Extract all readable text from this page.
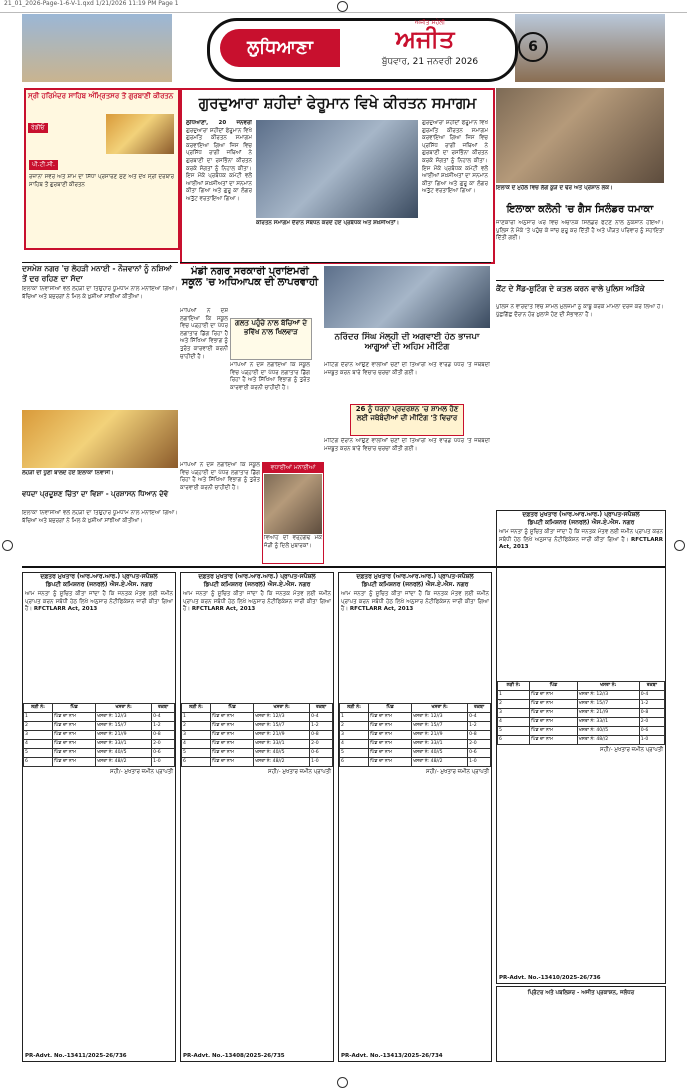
21_01_2026-Page-1-6-V-1.qxd 1/21/2026 11:19 PM Page 1
ਲੁਧਿਆਣਾ
ਅਜੀਤ ਸਹੇਲੀ
ਅਜੀਤ
ਬੁੱਧਵਾਰ, 21 ਜਨਵਰੀ 2026
6
ਸ੍ਰੀ ਹਰਿਮੰਦਰ ਸਾਹਿਬ ਅੰਮ੍ਰਿਤਸਰ ਤੋਂ ਗੁਰਬਾਣੀ ਕੀਰਤਨ
ਰੇਡੀਓ
ਪੀ.ਟੀ.ਸੀ.
ਰੋਜ਼ਾਨਾ ਸਵੇਰੇ ਅਤੇ ਸ਼ਾਮ ਦਾ ਸਿੱਧਾ ਪ੍ਰਸਾਰਣ ਸੁਣੋ ਅਤੇ ਦੇਖੋ ਸ੍ਰੀ ਦਰਬਾਰ ਸਾਹਿਬ ਤੋਂ ਗੁਰਬਾਣੀ ਕੀਰਤਨ
ਗੁਰਦੁਆਰਾ ਸ਼ਹੀਦਾਂ ਫੇਰੂਮਾਨ ਵਿਖੇ ਕੀਰਤਨ ਸਮਾਗਮ
ਲੁਧਿਆਣਾ, 20 ਜਨਵਰੀ ਗੁਰਦੁਆਰਾ ਸ਼ਹੀਦਾਂ ਫੇਰੂਮਾਨ ਵਿਖੇ ਗੁਰਮਤਿ ਕੀਰਤਨ ਸਮਾਗਮ ਕਰਵਾਇਆ ਗਿਆ ਜਿਸ ਵਿਚ ਪ੍ਰਸਿੱਧ ਰਾਗੀ ਜਥਿਆਂ ਨੇ ਗੁਰਬਾਣੀ ਦਾ ਰਸਭਿੰਨਾ ਕੀਰਤਨ ਕਰਕੇ ਸੰਗਤਾਂ ਨੂੰ ਨਿਹਾਲ ਕੀਤਾ। ਇਸ ਮੌਕੇ ਪ੍ਰਬੰਧਕ ਕਮੇਟੀ ਵਲੋਂ ਆਈਆਂ ਸ਼ਖ਼ਸੀਅਤਾਂ ਦਾ ਸਨਮਾਨ ਕੀਤਾ ਗਿਆ ਅਤੇ ਗੁਰੂ ਕਾ ਲੰਗਰ ਅਤੁੱਟ ਵਰਤਾਇਆ ਗਿਆ।
ਕੀਰਤਨ ਸਮਾਗਮ ਦੌਰਾਨ ਸੰਬੋਧਨ ਕਰਦੇ ਹੋਏ ਪ੍ਰਬੰਧਕ ਅਤੇ ਸ਼ਖ਼ਸੀਅਤਾਂ।
ਗੁਰਦੁਆਰਾ ਸ਼ਹੀਦਾਂ ਫੇਰੂਮਾਨ ਵਿਖੇ ਗੁਰਮਤਿ ਕੀਰਤਨ ਸਮਾਗਮ ਕਰਵਾਇਆ ਗਿਆ ਜਿਸ ਵਿਚ ਪ੍ਰਸਿੱਧ ਰਾਗੀ ਜਥਿਆਂ ਨੇ ਗੁਰਬਾਣੀ ਦਾ ਰਸਭਿੰਨਾ ਕੀਰਤਨ ਕਰਕੇ ਸੰਗਤਾਂ ਨੂੰ ਨਿਹਾਲ ਕੀਤਾ। ਇਸ ਮੌਕੇ ਪ੍ਰਬੰਧਕ ਕਮੇਟੀ ਵਲੋਂ ਆਈਆਂ ਸ਼ਖ਼ਸੀਅਤਾਂ ਦਾ ਸਨਮਾਨ ਕੀਤਾ ਗਿਆ ਅਤੇ ਗੁਰੂ ਕਾ ਲੰਗਰ ਅਤੁੱਟ ਵਰਤਾਇਆ ਗਿਆ।
ਇਲਾਕੇ ਦੇ ਮੁਹੱਲੇ ਵਿਚ ਲੱਗੇ ਕੂੜੇ ਦੇ ਢੇਰ ਅਤੇ ਪ੍ਰੇਸ਼ਾਨ ਲੋਕ।
ਇਲਾਕਾ ਕਲੋਨੀ 'ਚ ਗੈਸ ਸਿਲੰਡਰ ਧਮਾਕਾ
ਜਾਣਕਾਰੀ ਅਨੁਸਾਰ ਘਰ ਵਿਚ ਅਚਾਨਕ ਸਿਲੰਡਰ ਫਟਣ ਨਾਲ ਨੁਕਸਾਨ ਹੋਇਆ। ਪੁਲਿਸ ਨੇ ਮੌਕੇ 'ਤੇ ਪਹੁੰਚ ਕੇ ਜਾਂਚ ਸ਼ੁਰੂ ਕਰ ਦਿੱਤੀ ਹੈ ਅਤੇ ਪੀੜਤ ਪਰਿਵਾਰ ਨੂੰ ਸਹਾਇਤਾ ਦਿੱਤੀ ਗਈ।
ਦਸਮੇਸ਼ ਨਗਰ 'ਚ ਲੋਹੜੀ ਮਨਾਈ - ਨੌਜਵਾਨਾਂ ਨੂੰ ਨਸ਼ਿਆਂ ਤੋਂ ਦੂਰ ਰਹਿਣ ਦਾ ਸੱਦਾ
ਇਲਾਕਾ ਨਿਵਾਸੀਆਂ ਵਲੋਂ ਲੋਹੜੀ ਦਾ ਤਿਉਹਾਰ ਧੂਮਧਾਮ ਨਾਲ ਮਨਾਇਆ ਗਿਆ। ਬੱਚਿਆਂ ਅਤੇ ਬਜ਼ੁਰਗਾਂ ਨੇ ਮਿਲ ਕੇ ਖ਼ੁਸ਼ੀਆਂ ਸਾਂਝੀਆਂ ਕੀਤੀਆਂ।
ਲੋਹੜੀ ਦੀ ਧੂਣੀ ਬਾਲਦੇ ਹੋਏ ਇਲਾਕਾ ਨਿਵਾਸੀ।
ਵਧਦਾ ਪ੍ਰਦੂਸ਼ਣ ਚਿੰਤਾ ਦਾ ਵਿਸ਼ਾ - ਪ੍ਰਸ਼ਾਸਨ ਧਿਆਨ ਦੇਵੇ
ਇਲਾਕਾ ਨਿਵਾਸੀਆਂ ਵਲੋਂ ਲੋਹੜੀ ਦਾ ਤਿਉਹਾਰ ਧੂਮਧਾਮ ਨਾਲ ਮਨਾਇਆ ਗਿਆ। ਬੱਚਿਆਂ ਅਤੇ ਬਜ਼ੁਰਗਾਂ ਨੇ ਮਿਲ ਕੇ ਖ਼ੁਸ਼ੀਆਂ ਸਾਂਝੀਆਂ ਕੀਤੀਆਂ।
ਮੰਡੀ ਨਗਰ ਸਰਕਾਰੀ ਪ੍ਰਾਇਮਰੀ ਸਕੂਲ 'ਚ ਅਧਿਆਪਕ ਦੀ ਲਾਪਰਵਾਹੀ
ਮਾਪਿਆਂ ਨੇ ਦੋਸ਼ ਲਗਾਇਆ ਕਿ ਸਕੂਲ ਵਿਚ ਪੜ੍ਹਾਈ ਦਾ ਪੱਧਰ ਲਗਾਤਾਰ ਡਿੱਗ ਰਿਹਾ ਹੈ ਅਤੇ ਸਿੱਖਿਆ ਵਿਭਾਗ ਨੂੰ ਤੁਰੰਤ ਕਾਰਵਾਈ ਕਰਨੀ ਚਾਹੀਦੀ ਹੈ।
ਗਲਤ ਪਹੁੰਚੇ ਨਾਲ ਬੱਚਿਆਂ ਦੇ ਭਵਿੱਖ ਨਾਲ ਖਿਲਵਾੜ
ਮਾਪਿਆਂ ਨੇ ਦੋਸ਼ ਲਗਾਇਆ ਕਿ ਸਕੂਲ ਵਿਚ ਪੜ੍ਹਾਈ ਦਾ ਪੱਧਰ ਲਗਾਤਾਰ ਡਿੱਗ ਰਿਹਾ ਹੈ ਅਤੇ ਸਿੱਖਿਆ ਵਿਭਾਗ ਨੂੰ ਤੁਰੰਤ ਕਾਰਵਾਈ ਕਰਨੀ ਚਾਹੀਦੀ ਹੈ।
ਨਰਿੰਦਰ ਸਿੰਘ ਮੱਲ੍ਹੀ ਦੀ ਅਗਵਾਈ ਹੇਠ ਭਾਜਪਾ ਆਗੂਆਂ ਦੀ ਅਹਿਮ ਮੀਟਿੰਗ
ਮੀਟਿੰਗ ਦੌਰਾਨ ਆਉਣ ਵਾਲੀਆਂ ਚੋਣਾਂ ਦੀ ਤਿਆਰੀ ਅਤੇ ਵਾਰਡ ਪੱਧਰ 'ਤੇ ਜਥੇਬੰਦੀ ਮਜ਼ਬੂਤ ਕਰਨ ਬਾਰੇ ਵਿਚਾਰ ਚਰਚਾ ਕੀਤੀ ਗਈ।
26 ਨੂੰ ਧਰਨਾ ਪ੍ਰਦਰਸ਼ਨ 'ਚ ਸ਼ਾਮਲ ਹੋਣ ਲਈ ਜਥੇਬੰਦੀਆਂ ਦੀ ਮੀਟਿੰਗ 'ਤੇ ਵਿਚਾਰ
ਮੀਟਿੰਗ ਦੌਰਾਨ ਆਉਣ ਵਾਲੀਆਂ ਚੋਣਾਂ ਦੀ ਤਿਆਰੀ ਅਤੇ ਵਾਰਡ ਪੱਧਰ 'ਤੇ ਜਥੇਬੰਦੀ ਮਜ਼ਬੂਤ ਕਰਨ ਬਾਰੇ ਵਿਚਾਰ ਚਰਚਾ ਕੀਤੀ ਗਈ।
ਵਧਾਈਆਂ ਮਨਾਈਆਂ
ਵਿਆਹ ਦੀ ਵਰ੍ਹੇਗੰਢ ਮੌਕੇ ਜੋੜੀ ਨੂੰ ਦਿਲੋਂ ਮੁਬਾਰਕਾਂ।
ਮਾਪਿਆਂ ਨੇ ਦੋਸ਼ ਲਗਾਇਆ ਕਿ ਸਕੂਲ ਵਿਚ ਪੜ੍ਹਾਈ ਦਾ ਪੱਧਰ ਲਗਾਤਾਰ ਡਿੱਗ ਰਿਹਾ ਹੈ ਅਤੇ ਸਿੱਖਿਆ ਵਿਭਾਗ ਨੂੰ ਤੁਰੰਤ ਕਾਰਵਾਈ ਕਰਨੀ ਚਾਹੀਦੀ ਹੈ।
ਕੈਂਟ ਦੇ ਸੈਂਡ-ਸ਼ੂਟਿੰਗ ਦੇ ਕਤਲ ਕਰਨ ਵਾਲੇ ਪੁਲਿਸ ਅੜਿੱਕੇ
ਪੁਲਿਸ ਨੇ ਵਾਰਦਾਤ ਵਿਚ ਸ਼ਾਮਲ ਮੁਲਜ਼ਮਾਂ ਨੂੰ ਕਾਬੂ ਕਰਕੇ ਮਾਮਲਾ ਦਰਜ ਕਰ ਲਿਆ ਹੈ। ਪੁੱਛਗਿੱਛ ਦੌਰਾਨ ਹੋਰ ਖ਼ੁਲਾਸੇ ਹੋਣ ਦੀ ਸੰਭਾਵਨਾ ਹੈ।
ਦਫ਼ਤਰ ਮੁਖਤਾਰ (ਆਰ.ਆਰ.ਆਰ.) ਪ੍ਰਾਪਤ-ਸਪੈਸ਼ਲ
ਡਿਪਟੀ ਕਮਿਸ਼ਨਰ (ਜਨਰਲ) ਐਸ.ਏ.ਐਸ. ਨਗਰ
ਆਮ ਜਨਤਾ ਨੂੰ ਸੂਚਿਤ ਕੀਤਾ ਜਾਂਦਾ ਹੈ ਕਿ ਜਨਤਕ ਮੰਤਵ ਲਈ ਜ਼ਮੀਨ ਪ੍ਰਾਪਤ ਕਰਨ ਸਬੰਧੀ ਹੇਠ ਲਿਖੇ ਅਨੁਸਾਰ ਨੋਟੀਫਿਕੇਸ਼ਨ ਜਾਰੀ ਕੀਤਾ ਗਿਆ ਹੈ। RFCTLARR Act, 2013
ਲੜੀ ਨੰ:	ਪਿੰਡ	ਖਸਰਾ ਨੰ:	ਰਕਬਾ
1	ਪਿੰਡ ਦਾ ਨਾਮ	ਖਸਰਾ ਨੰ: 12//3	0-4
2	ਪਿੰਡ ਦਾ ਨਾਮ	ਖਸਰਾ ਨੰ: 15//7	1-2
3	ਪਿੰਡ ਦਾ ਨਾਮ	ਖਸਰਾ ਨੰ: 21//9	0-8
4	ਪਿੰਡ ਦਾ ਨਾਮ	ਖਸਰਾ ਨੰ: 33//1	2-0
5	ਪਿੰਡ ਦਾ ਨਾਮ	ਖਸਰਾ ਨੰ: 40//5	0-6
6	ਪਿੰਡ ਦਾ ਨਾਮ	ਖਸਰਾ ਨੰ: 48//2	1-0
ਸਹੀ/- ਮੁਖਤਾਰ ਜ਼ਮੀਨ ਪ੍ਰਾਪਤੀ
PR-Advt. No.-13411/2025-26/736
ਦਫ਼ਤਰ ਮੁਖਤਾਰ (ਆਰ.ਆਰ.ਆਰ.) ਪ੍ਰਾਪਤ-ਸਪੈਸ਼ਲ
ਡਿਪਟੀ ਕਮਿਸ਼ਨਰ (ਜਨਰਲ) ਐਸ.ਏ.ਐਸ. ਨਗਰ
ਆਮ ਜਨਤਾ ਨੂੰ ਸੂਚਿਤ ਕੀਤਾ ਜਾਂਦਾ ਹੈ ਕਿ ਜਨਤਕ ਮੰਤਵ ਲਈ ਜ਼ਮੀਨ ਪ੍ਰਾਪਤ ਕਰਨ ਸਬੰਧੀ ਹੇਠ ਲਿਖੇ ਅਨੁਸਾਰ ਨੋਟੀਫਿਕੇਸ਼ਨ ਜਾਰੀ ਕੀਤਾ ਗਿਆ ਹੈ। RFCTLARR Act, 2013
ਲੜੀ ਨੰ:	ਪਿੰਡ	ਖਸਰਾ ਨੰ:	ਰਕਬਾ
1	ਪਿੰਡ ਦਾ ਨਾਮ	ਖਸਰਾ ਨੰ: 12//3	0-4
2	ਪਿੰਡ ਦਾ ਨਾਮ	ਖਸਰਾ ਨੰ: 15//7	1-2
3	ਪਿੰਡ ਦਾ ਨਾਮ	ਖਸਰਾ ਨੰ: 21//9	0-8
4	ਪਿੰਡ ਦਾ ਨਾਮ	ਖਸਰਾ ਨੰ: 33//1	2-0
5	ਪਿੰਡ ਦਾ ਨਾਮ	ਖਸਰਾ ਨੰ: 40//5	0-6
6	ਪਿੰਡ ਦਾ ਨਾਮ	ਖਸਰਾ ਨੰ: 48//2	1-0
ਸਹੀ/- ਮੁਖਤਾਰ ਜ਼ਮੀਨ ਪ੍ਰਾਪਤੀ
PR-Advt. No.-13408/2025-26/735
ਦਫ਼ਤਰ ਮੁਖਤਾਰ (ਆਰ.ਆਰ.ਆਰ.) ਪ੍ਰਾਪਤ-ਸਪੈਸ਼ਲ
ਡਿਪਟੀ ਕਮਿਸ਼ਨਰ (ਜਨਰਲ) ਐਸ.ਏ.ਐਸ. ਨਗਰ
ਆਮ ਜਨਤਾ ਨੂੰ ਸੂਚਿਤ ਕੀਤਾ ਜਾਂਦਾ ਹੈ ਕਿ ਜਨਤਕ ਮੰਤਵ ਲਈ ਜ਼ਮੀਨ ਪ੍ਰਾਪਤ ਕਰਨ ਸਬੰਧੀ ਹੇਠ ਲਿਖੇ ਅਨੁਸਾਰ ਨੋਟੀਫਿਕੇਸ਼ਨ ਜਾਰੀ ਕੀਤਾ ਗਿਆ ਹੈ। RFCTLARR Act, 2013
ਲੜੀ ਨੰ:	ਪਿੰਡ	ਖਸਰਾ ਨੰ:	ਰਕਬਾ
1	ਪਿੰਡ ਦਾ ਨਾਮ	ਖਸਰਾ ਨੰ: 12//3	0-4
2	ਪਿੰਡ ਦਾ ਨਾਮ	ਖਸਰਾ ਨੰ: 15//7	1-2
3	ਪਿੰਡ ਦਾ ਨਾਮ	ਖਸਰਾ ਨੰ: 21//9	0-8
4	ਪਿੰਡ ਦਾ ਨਾਮ	ਖਸਰਾ ਨੰ: 33//1	2-0
5	ਪਿੰਡ ਦਾ ਨਾਮ	ਖਸਰਾ ਨੰ: 40//5	0-6
6	ਪਿੰਡ ਦਾ ਨਾਮ	ਖਸਰਾ ਨੰ: 48//2	1-0
ਸਹੀ/- ਮੁਖਤਾਰ ਜ਼ਮੀਨ ਪ੍ਰਾਪਤੀ
PR-Advt. No.-13413/2025-26/734
ਦਫ਼ਤਰ ਮੁਖਤਾਰ (ਆਰ.ਆਰ.ਆਰ.) ਪ੍ਰਾਪਤ-ਸਪੈਸ਼ਲ
ਡਿਪਟੀ ਕਮਿਸ਼ਨਰ (ਜਨਰਲ) ਐਸ.ਏ.ਐਸ. ਨਗਰ
ਆਮ ਜਨਤਾ ਨੂੰ ਸੂਚਿਤ ਕੀਤਾ ਜਾਂਦਾ ਹੈ ਕਿ ਜਨਤਕ ਮੰਤਵ ਲਈ ਜ਼ਮੀਨ ਪ੍ਰਾਪਤ ਕਰਨ ਸਬੰਧੀ ਹੇਠ ਲਿਖੇ ਅਨੁਸਾਰ ਨੋਟੀਫਿਕੇਸ਼ਨ ਜਾਰੀ ਕੀਤਾ ਗਿਆ ਹੈ। RFCTLARR Act, 2013
ਲੜੀ ਨੰ:	ਪਿੰਡ	ਖਸਰਾ ਨੰ:	ਰਕਬਾ
1	ਪਿੰਡ ਦਾ ਨਾਮ	ਖਸਰਾ ਨੰ: 12//3	0-4
2	ਪਿੰਡ ਦਾ ਨਾਮ	ਖਸਰਾ ਨੰ: 15//7	1-2
3	ਪਿੰਡ ਦਾ ਨਾਮ	ਖਸਰਾ ਨੰ: 21//9	0-8
4	ਪਿੰਡ ਦਾ ਨਾਮ	ਖਸਰਾ ਨੰ: 33//1	2-0
5	ਪਿੰਡ ਦਾ ਨਾਮ	ਖਸਰਾ ਨੰ: 40//5	0-6
6	ਪਿੰਡ ਦਾ ਨਾਮ	ਖਸਰਾ ਨੰ: 48//2	1-0
ਸਹੀ/- ਮੁਖਤਾਰ ਜ਼ਮੀਨ ਪ੍ਰਾਪਤੀ
PR-Advt. No.-13410/2025-26/736
ਪ੍ਰਿੰਟਰ ਅਤੇ ਪਬਲਿਸ਼ਰ - ਅਜੀਤ ਪ੍ਰਕਾਸ਼ਨ, ਜਲੰਧਰ
